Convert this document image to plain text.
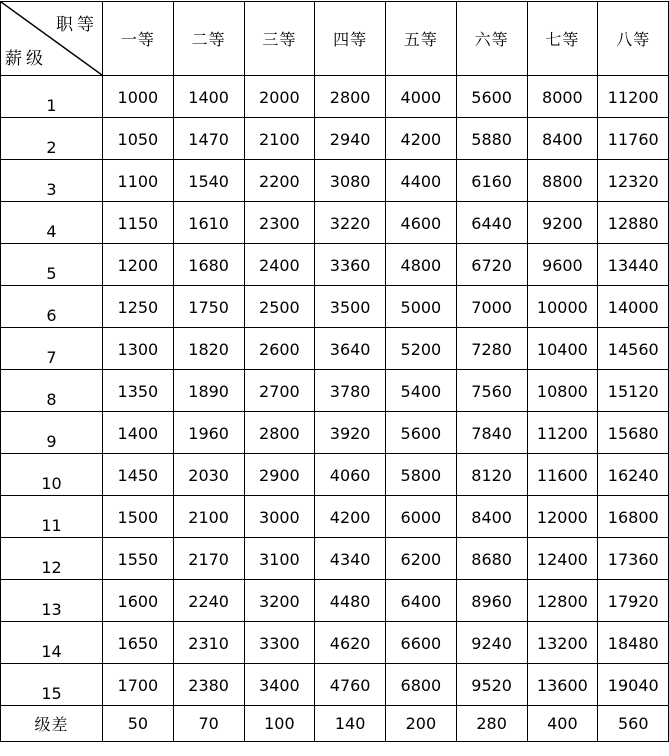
职等
薪级	一等	二等	三等	四等	五等	六等	七等	八等
1	1000	1400	2000	2800	4000	5600	8000	11200
2	1050	1470	2100	2940	4200	5880	8400	11760
3	1100	1540	2200	3080	4400	6160	8800	12320
4	1150	1610	2300	3220	4600	6440	9200	12880
5	1200	1680	2400	3360	4800	6720	9600	13440
6	1250	1750	2500	3500	5000	7000	10000	14000
7	1300	1820	2600	3640	5200	7280	10400	14560
8	1350	1890	2700	3780	5400	7560	10800	15120
9	1400	1960	2800	3920	5600	7840	11200	15680
10	1450	2030	2900	4060	5800	8120	11600	16240
11	1500	2100	3000	4200	6000	8400	12000	16800
12	1550	2170	3100	4340	6200	8680	12400	17360
13	1600	2240	3200	4480	6400	8960	12800	17920
14	1650	2310	3300	4620	6600	9240	13200	18480
15	1700	2380	3400	4760	6800	9520	13600	19040
级差	50	70	100	140	200	280	400	560
